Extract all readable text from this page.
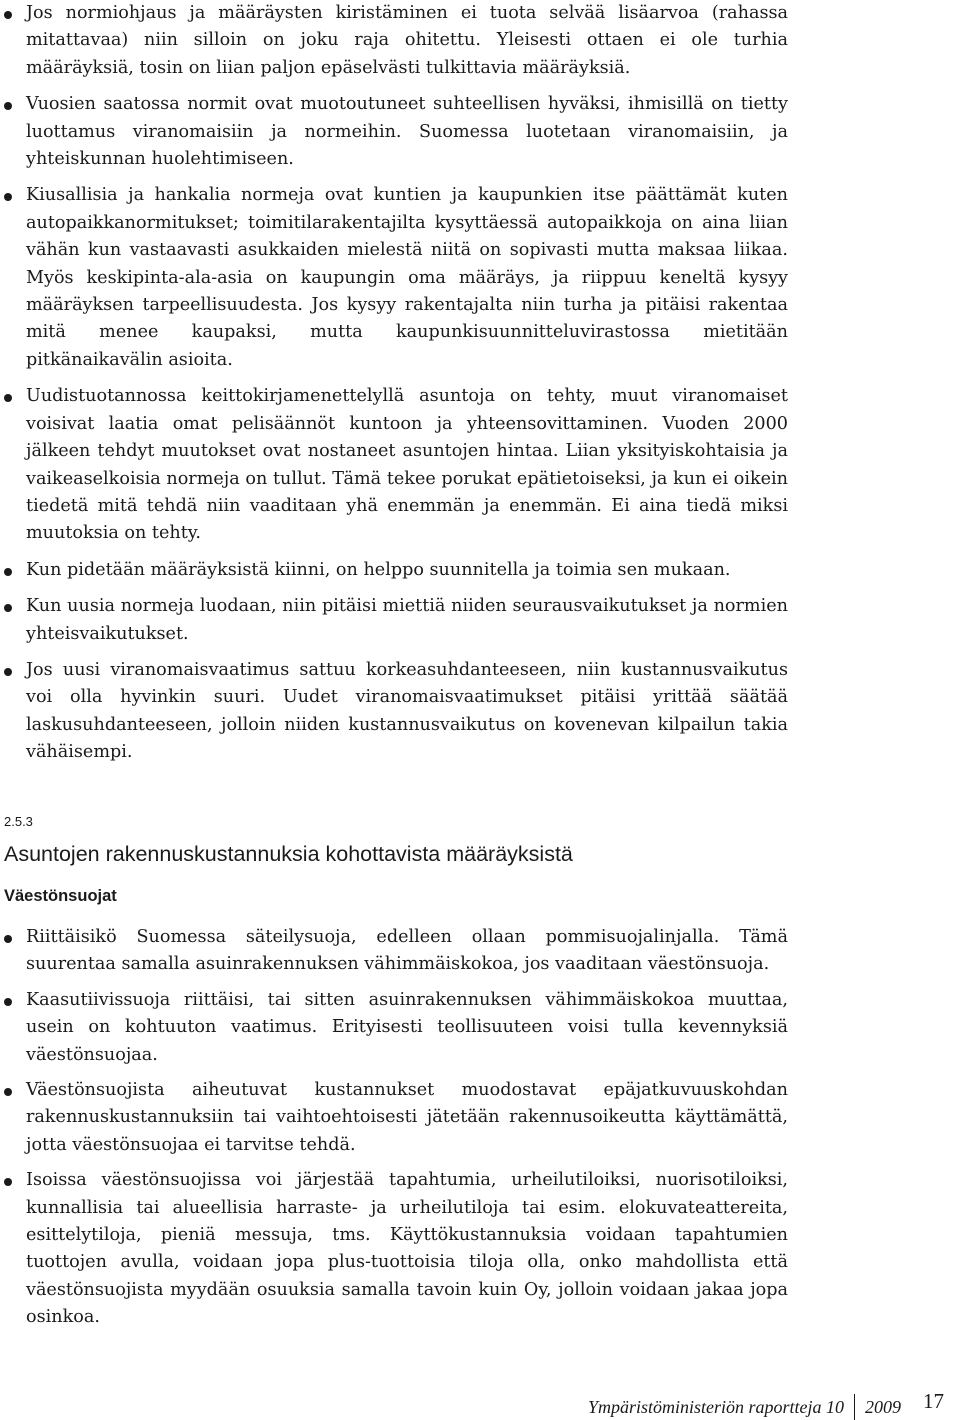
Jos normiohjaus ja määräysten kiristäminen ei tuota selvää lisäarvoa (rahassa mitattavaa) niin silloin on joku raja ohitettu. Yleisesti ottaen ei ole turhia määräyksiä, tosin on liian paljon epäselvästi tulkittavia määräyksiä.
Vuosien saatossa normit ovat muotoutuneet suhteellisen hyväksi, ihmisillä on tietty luottamus viranomaisiin ja normeihin. Suomessa luotetaan viranomaisiin, ja yhteiskunnan huolehtimiseen.
Kiusallisia ja hankalia normeja ovat kuntien ja kaupunkien itse päättämät kuten autopaikkanormitukset; toimitilarakentajilta kysyttäessä autopaikkoja on aina liian vähän kun vastaavasti asukkaiden mielestä niitä on sopivasti mutta maksaa liikaa. Myös keskipinta-ala-asia on kaupungin oma määräys, ja riippuu keneltä kysyy määräyksen tarpeellisuudesta. Jos kysyy rakentajalta niin turha ja pitäisi rakentaa mitä menee kaupaksi, mutta kaupunkisuunnitteluvirastossa mietitään pitkänaikavälin asioita.
Uudistuotannossa keittokirjamenettelyllä asuntoja on tehty, muut viranomaiset voisivat laatia omat pelisäännöt kuntoon ja yhteensovittaminen. Vuoden 2000 jälkeen tehdyt muutokset ovat nostaneet asuntojen hintaa. Liian yksityiskohtaisia ja vaikeaselkoisia normeja on tullut. Tämä tekee porukat epätietoiseksi, ja kun ei oikein tiedetä mitä tehdä niin vaaditaan yhä enemmän ja enemmän. Ei aina tiedä miksi muutoksia on tehty.
Kun pidetään määräyksistä kiinni, on helppo suunnitella ja toimia sen mukaan.
Kun uusia normeja luodaan, niin pitäisi miettiä niiden seurausvaikutukset ja normien yhteisvaikutukset.
Jos uusi viranomaisvaatimus sattuu korkeasuhdanteeseen, niin kustannusvaikutus voi olla hyvinkin suuri. Uudet viranomaisvaatimukset pitäisi yrittää säätää laskusuhdanteeseen, jolloin niiden kustannusvaikutus on kovenevan kilpailun takia vähäisempi.
2.5.3
Asuntojen rakennuskustannuksia kohottavista määräyksistä
Väestönsuojat
Riittäisikö Suomessa säteilysuoja, edelleen ollaan pommisuojalinjalla. Tämä suurentaa samalla asuinrakennuksen vähimmäiskokoa, jos vaaditaan väestönsuoja.
Kaasutiivissuoja riittäisi, tai sitten asuinrakennuksen vähimmäiskokoa muuttaa, usein on kohtuuton vaatimus. Erityisesti teollisuuteen voisi tulla kevennyksiä väestönsuojaa.
Väestönsuojista aiheutuvat kustannukset muodostavat epäjatkuvuuskohdan rakennuskustannuksiin tai vaihtoehtoisesti jätetään rakennusoikeutta käyttämättä, jotta väestönsuojaa ei tarvitse tehdä.
Isoissa väestönsuojissa voi järjestää tapahtumia, urheilutiloiksi, nuorisotiloiksi, kunnallisia tai alueellisia harraste- ja urheilutiloja tai esim. elokuvateattereita, esittelytiloja, pieniä messuja, tms. Käyttökustannuksia voidaan tapahtumien tuottojen avulla, voidaan jopa plus-tuottoisia tiloja olla, onko mahdollista että väestönsuojista myydään osuuksia samalla tavoin kuin Oy, jolloin voidaan jakaa jopa osinkoa.
Ympäristöministeriön raportteja 10 2009 17
